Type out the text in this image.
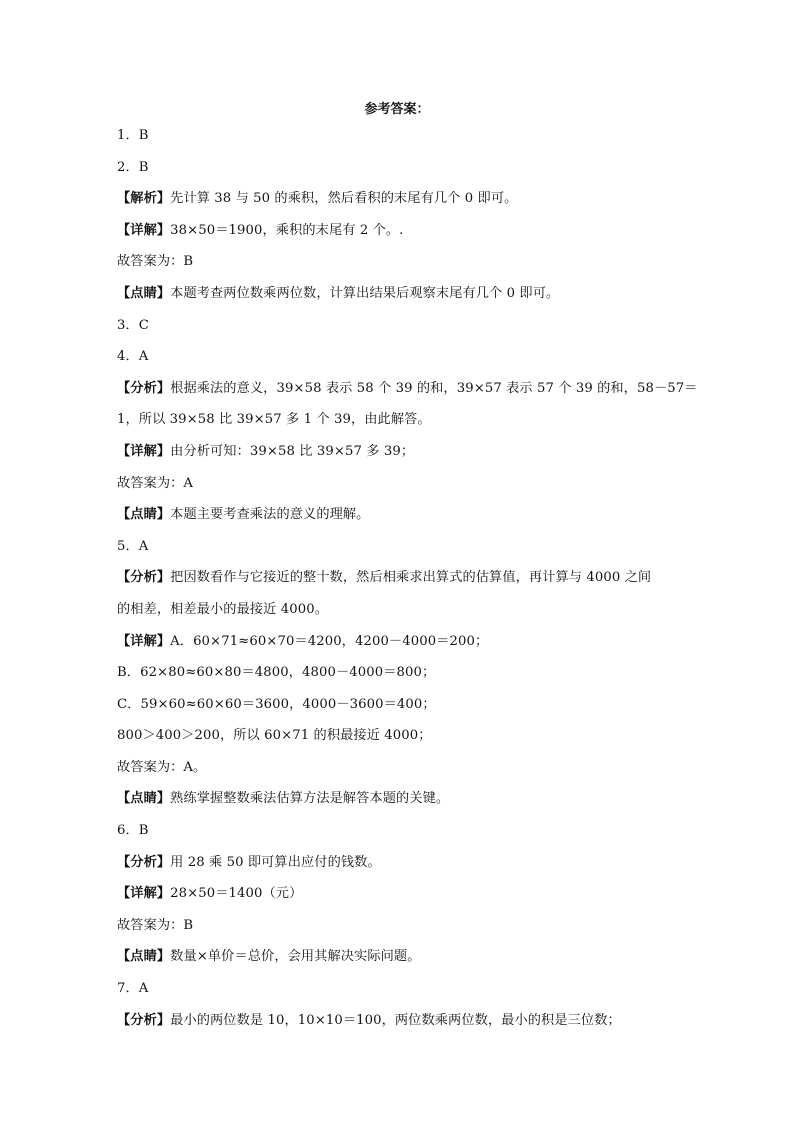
参考答案：
1．B
2．B
【解析】先计算 38 与 50 的乘积，然后看积的末尾有几个 0 即可。
【详解】38×50＝1900，乘积的末尾有 2 个。.
故答案为：B
【点睛】本题考查两位数乘两位数，计算出结果后观察末尾有几个 0 即可。
3．C
4．A
【分析】根据乘法的意义，39×58 表示 58 个 39 的和，39×57 表示 57 个 39 的和，58－57＝
1，所以 39×58 比 39×57 多 1 个 39，由此解答。
【详解】由分析可知：39×58 比 39×57 多 39；
故答案为：A
【点睛】本题主要考查乘法的意义的理解。
5．A
【分析】把因数看作与它接近的整十数，然后相乘求出算式的估算值，再计算与 4000 之间
的相差，相差最小的最接近 4000。
【详解】A．60×71≈60×70＝4200，4200－4000＝200；
B．62×80≈60×80＝4800，4800－4000＝800；
C．59×60≈60×60＝3600，4000－3600＝400；
800＞400＞200，所以 60×71 的积最接近 4000；
故答案为：A。
【点睛】熟练掌握整数乘法估算方法是解答本题的关键。
6．B
【分析】用 28 乘 50 即可算出应付的钱数。
【详解】28×50＝1400（元）
故答案为：B
【点睛】数量×单价＝总价，会用其解决实际问题。
7．A
【分析】最小的两位数是 10，10×10＝100，两位数乘两位数，最小的积是三位数；
